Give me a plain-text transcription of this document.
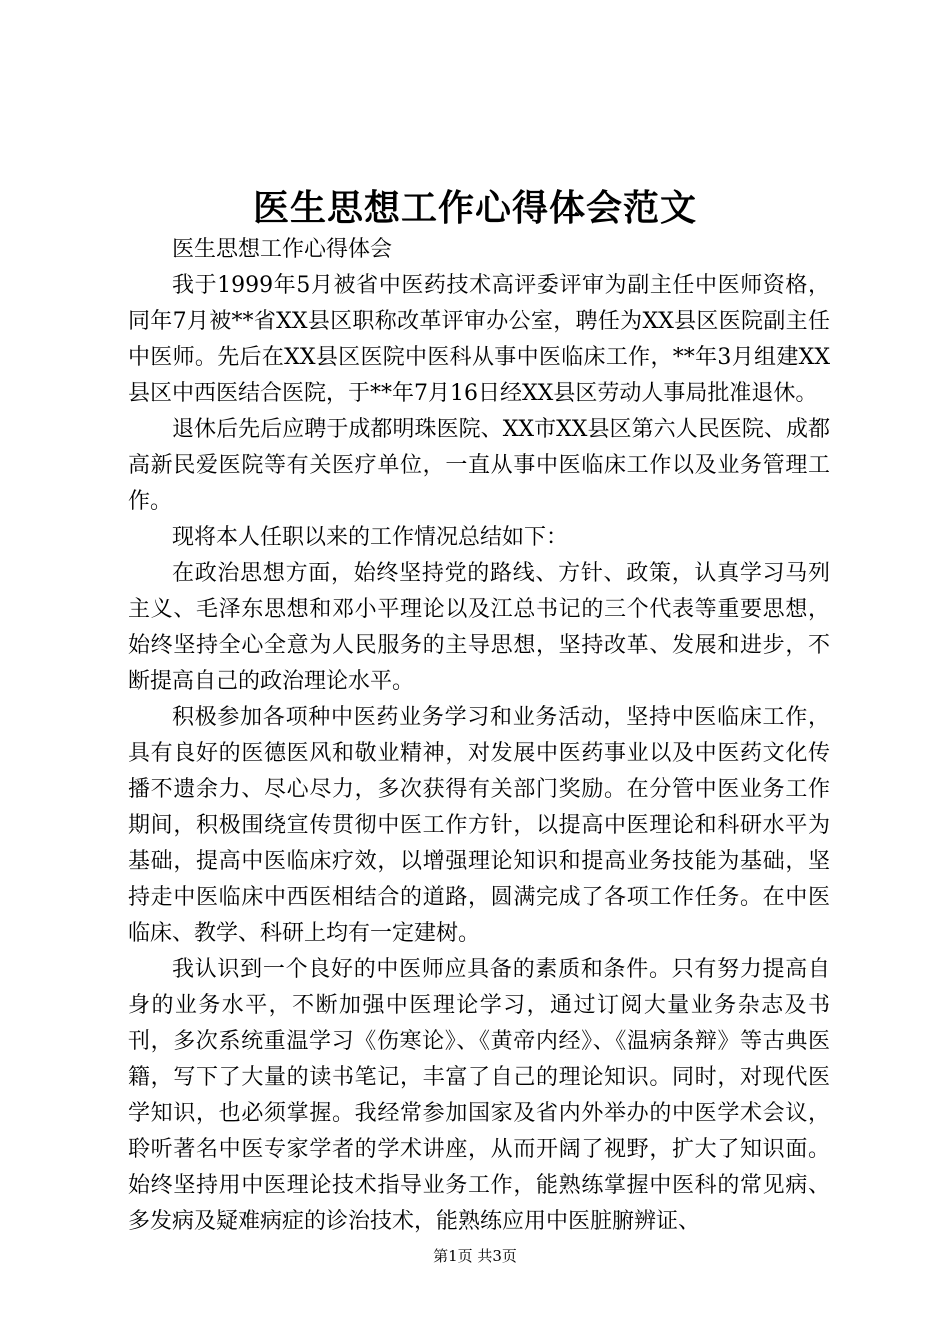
医生思想工作心得体会范文

医生思想工作心得体会

我于1999年5月被省中医药技术高评委评审为副主任中医师资格，同年7月被**省XX县区职称改革评审办公室，聘任为XX县区医院副主任中医师。先后在XX县区医院中医科从事中医临床工作，**年3月组建XX县区中西医结合医院，于**年7月16日经XX县区劳动人事局批准退休。

退休后先后应聘于成都明珠医院、XX市XX县区第六人民医院、成都高新民爱医院等有关医疗单位，一直从事中医临床工作以及业务管理工作。

现将本人任职以来的工作情况总结如下：

在政治思想方面，始终坚持党的路线、方针、政策，认真学习马列主义、毛泽东思想和邓小平理论以及江总书记的三个代表等重要思想，始终坚持全心全意为人民服务的主导思想，坚持改革、发展和进步，不断提高自己的政治理论水平。

积极参加各项种中医药业务学习和业务活动，坚持中医临床工作，具有良好的医德医风和敬业精神，对发展中医药事业以及中医药文化传播不遗余力、尽心尽力，多次获得有关部门奖励。在分管中医业务工作期间，积极围绕宣传贯彻中医工作方针，以提高中医理论和科研水平为基础，提高中医临床疗效，以增强理论知识和提高业务技能为基础，坚持走中医临床中西医相结合的道路，圆满完成了各项工作任务。在中医临床、教学、科研上均有一定建树。

我认识到一个良好的中医师应具备的素质和条件。只有努力提高自身的业务水平，不断加强中医理论学习，通过订阅大量业务杂志及书刊，多次系统重温学习《伤寒论》、《黄帝内经》、《温病条辩》等古典医籍，写下了大量的读书笔记，丰富了自己的理论知识。同时，对现代医学知识，也必须掌握。我经常参加国家及省内外举办的中医学术会议，聆听著名中医专家学者的学术讲座，从而开阔了视野，扩大了知识面。始终坚持用中医理论技术指导业务工作，能熟练掌握中医科的常见病、多发病及疑难病症的诊治技术，能熟练应用中医脏腑辨证、

第1页 共3页
